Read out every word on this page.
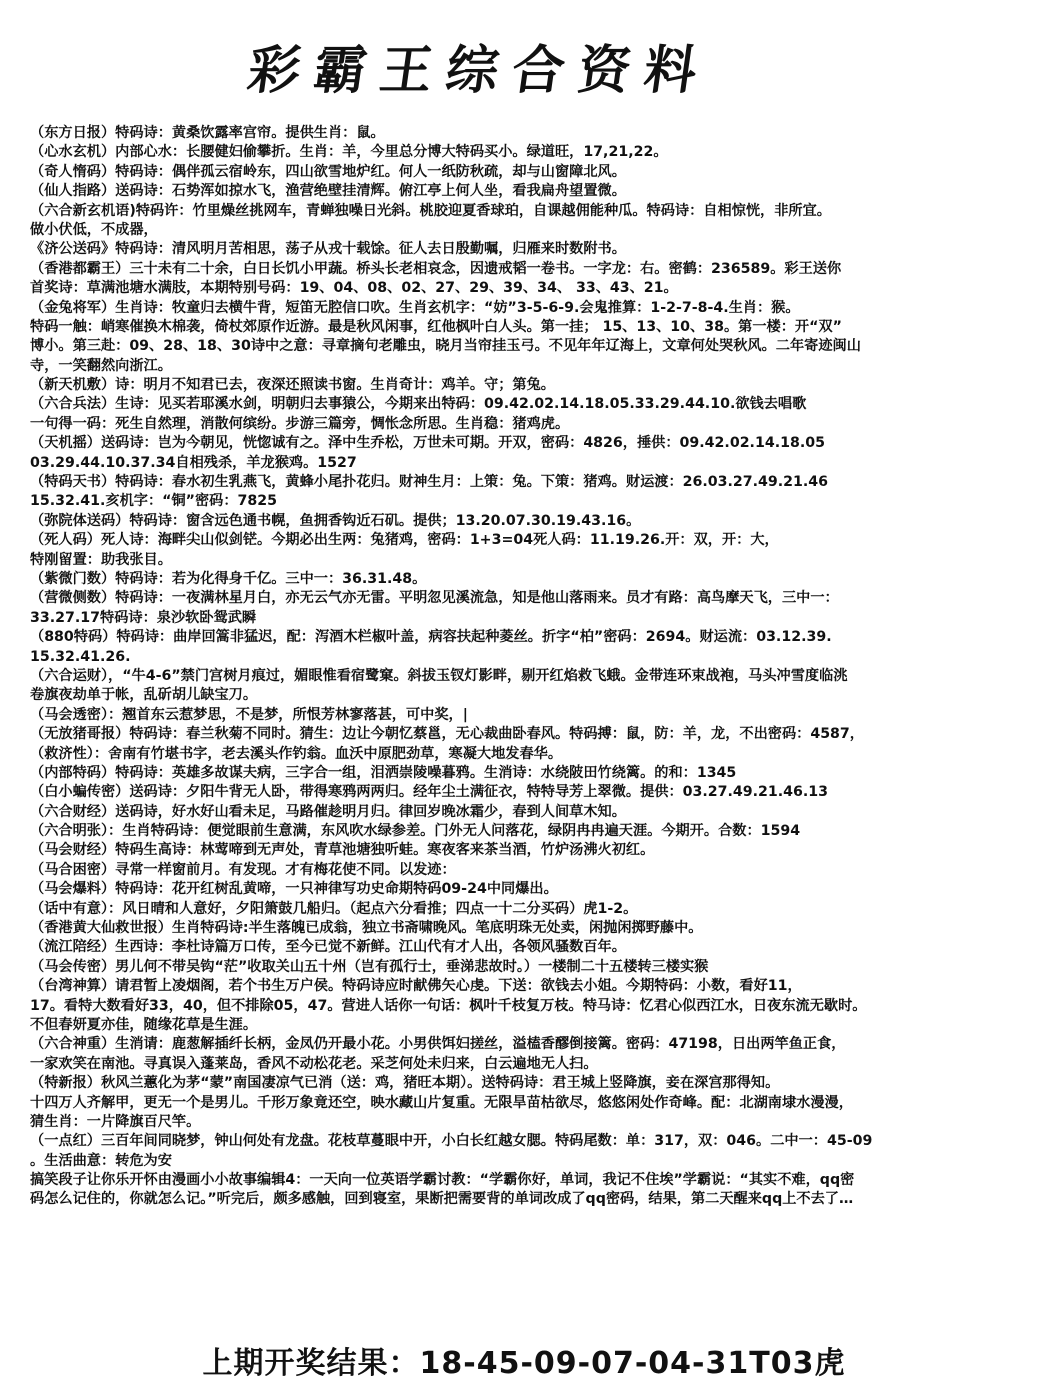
彩霸王综合资料
（东方日报）特码诗：黄桑饮露率宫帘。提供生肖：鼠。
（心水玄机）内部心水：长腰健妇偷攀折。生肖：羊，今里总分博大特码买小。绿道旺，17,21,22。
（奇人惰码）特码诗：偶伴孤云宿岭东，四山欲雪地炉红。何人一纸防秋疏，却与山窗障北风。
（仙人指路）送码诗：石势浑如掠水飞，渔营绝壁挂清辉。俯江亭上何人坐，看我扁舟望置微。
（六合新玄机语)特码许：竹里燥丝挑网车，青蝉独噪日光斜。桃胶迎夏香球珀，自课越佣能种瓜。特码诗：自相惊恍，非所宜。
做小伏低，不成器，
《济公送码》特码诗：清风明月苦相思，荡子从戎十载馀。征人去日殷勤嘱，归雁来时数附书。
（香港都霸王）三十未有二十余，白日长饥小甲蔬。桥头长老相哀念，因遗戒韬一卷书。一字龙：右。密鹤：236589。彩王送你
首奖诗：草满池塘水满肢，本期特别号码：19、04、08、02、27、29、39、34、 33、43、21。
（金兔将军）生肖诗：牧童归去横牛背，短笛无腔信口吹。生肖玄机字：“妨”3-5-6-9.会鬼推算：1-2-7-8-4.生肖：猴。
特码一触：峭寒催换木棉袭，倚杖郊原作近游。最是秋风闲事，红他枫叶白人头。第一挂； 15、13、10、38。第一楼：开“双”
博小。第三赴：09、28、18、30诗中之意：寻章摘句老雕虫，晓月当帘挂玉弓。不见年年辽海上，文章何处哭秋风。二年寄迹闽山
寺，一笑翻然向浙江。
（新天机敷）诗：明月不知君已去，夜深还照读书窗。生肖奇计：鸡羊。守；第兔。
（六合兵法）生诗：见买若耶溪水剑，明朝归去事猿公，今期来出特码：09.42.02.14.18.05.33.29.44.10.欲钱去唱歌
一句得一码：死生自然理，消散何缤纷。步游三篇旁，惆怅念所思。生肖稳：猪鸡虎。
（天机摇）送码诗：岂为今朝见，恍惚诚有之。泽中生乔松，万世未可期。开双，密码：4826，捶供：09.42.02.14.18.05
03.29.44.10.37.34自相残杀，羊龙猴鸡。1527
（特码天书）特码诗：春水初生乳燕飞，黄蜂小尾扑花归。财神生月：上策：兔。下策：猪鸡。财运渡：26.03.27.49.21.46
15.32.41.亥机字：“铜”密码：7825
（弥院体送码）特码诗：窗含远色通书幌，鱼拥香钩近石矶。提供；13.20.07.30.19.43.16。
（死人码）死人诗：海畔尖山似剑铓。今期必出生两：兔猪鸡，密码：1+3=04死人码：11.19.26.开：双，开：大，
特刚留置：助我张目。
（紫微门数）特码诗：若为化得身千亿。三中一：36.31.48。
（营微侧数）特码诗：一夜满林星月白，亦无云气亦无雷。平明忽见溪流急，知是他山落雨来。员才有路：高鸟摩天飞，三中一：
33.27.17特码诗：泉沙软卧鸳武瞬
（880特码）特码诗：曲岸回篙非猛迟，配：泻酒木栏椒叶盖，病容扶起种菱丝。折字“柏”密码：2694。财运流：03.12.39.
15.32.41.26.
（六合运财），“牛4-6”禁门宫树月痕过，媚眼惟看宿鹭窠。斜拔玉钗灯影畔，剔开红焰救飞蛾。金带连环束战袍，马头冲雪度临洮
卷旗夜劫单于帐，乱斫胡儿缺宝刀。
（马会透密）：翘首东云惹梦思，不是梦，所恨芳林寥落甚，可中奖，|
（无放猪哥报）特码诗：春兰秋菊不同时。猜生：边让今朝忆蔡邕，无心裁曲卧春风。特码搏：鼠，防：羊，龙，不出密码：4587，
（救济性）：舍南有竹堪书字，老去溪头作钓翁。血沃中原肥劲草，寒凝大地发春华。
（内部特码）特码诗：英雄多故谋夫病，三字合一组，泪洒崇陵噪暮鸦。生消诗：水绕陂田竹绕篱。的和：1345
（白小蝙传密）送码诗：夕阳牛背无人卧，带得寒鸦两两归。经年尘土满征衣，特特导芳上翠微。提供：03.27.49.21.46.13
（六合财经）送码诗，好水好山看未足，马路催趁明月归。律回岁晚冰霜少，春到人间草木知。
（六合明张）：生肖特码诗：便觉眼前生意满，东风吹水绿参差。门外无人问落花，绿阴冉冉遍天涯。今期开。合数：1594
（马会财经）特码生高诗：林莺啼到无声处，青草池塘独听蛙。寒夜客来茶当酒，竹炉汤沸火初红。
（马合困密）寻常一样窗前月。有发现。才有梅花使不同。以发迹：
（马会爆料）特码诗：花开红树乱黄啼，一只神律写功史命期特码09-24中同爆出。
（话中有意）：风日晴和人意好，夕阳箫鼓几船归。（起点六分看推；四点一十二分买码）虎1-2。
（香港黄大仙救世报）生肖特码诗:半生落魄已成翁，独立书斋啸晚风。笔底明珠无处卖，闲抛闲掷野藤中。
（流江陪经）生西诗：李杜诗篇万口传，至今已觉不新鲜。江山代有才人出，各领风骚数百年。
（马会传密）男儿何不带吴钩“茫”收取关山五十州（岂有孤行士，垂涕悲故时。）一楼制二十五楼转三楼实猴
（台湾神算）请君暂上凌烟阁，若个书生万户侯。特码诗应时献佛矢心虔。下送：欲钱去小姐。今期特码：小数，看好11，
17。看特大数看好33，40，但不排除05，47。营进人话你一句话：枫叶千枝复万枝。特马诗：忆君心似西江水，日夜东流无歇时。
不但春妍夏亦佳，随缘花草是生涯。
（六合神重）生消请：鹿葱解插纤长柄，金凤仍开最小花。小男供饵妇搓丝，溢榼香醪倒接篱。密码：47198，日出两竿鱼正食，
一家欢笑在南池。寻真误入蓬莱岛，香风不动松花老。采芝何处未归来，白云遍地无人扫。
（特新报）秋风兰蕙化为茅“蒙”南国凄凉气已消（送：鸡，猪旺本期）。送特码诗：君王城上竖降旗，妾在深宫那得知。
十四万人齐解甲，更无一个是男儿。千形万象竟还空，映水藏山片复重。无限旱苗枯欲尽，悠悠闲处作奇峰。配：北湖南埭水漫漫，
猜生肖：一片降旗百尺竿。
（一点红）三百年间同晓梦，钟山何处有龙盘。花枝草蔓眼中开，小白长红越女腮。特码尾数：单：317，双：046。二中一：45-09
。生活曲意：转危为安
搞笑段子让你乐开怀由漫画小小故事编辑4：一天向一位英语学霸讨教：“学霸你好，单词，我记不住埃”学霸说：“其实不难，qq密
码怎么记住的，你就怎么记。”听完后，颇多感触，回到寝室，果断把需要背的单词改成了qq密码，结果，第二天醒来qq上不去了…
上期开奖结果：18-45-09-07-04-31T03虎
